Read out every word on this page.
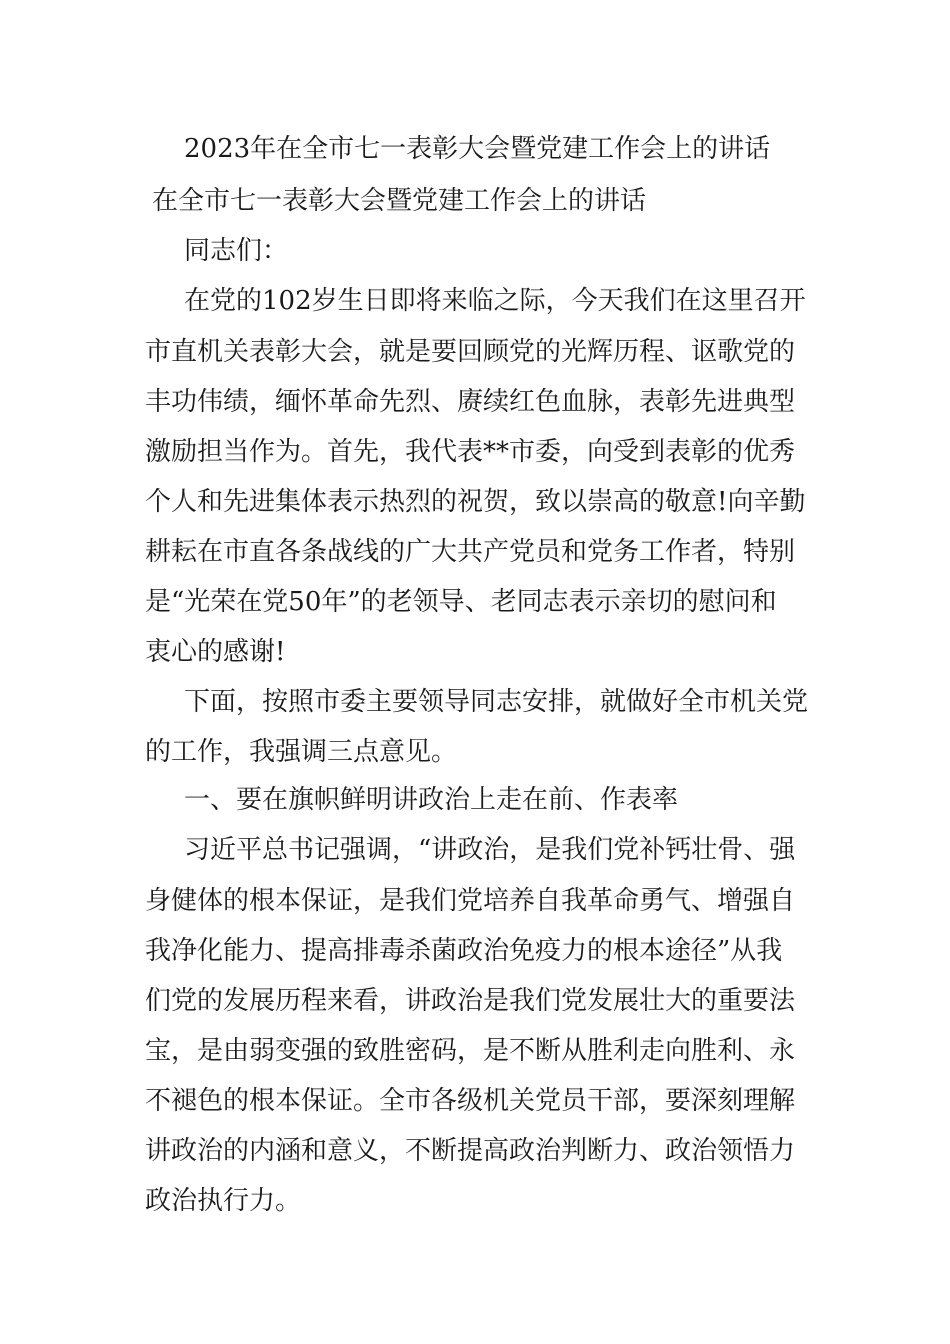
2023年在全市七一表彰大会暨党建工作会上的讲话
在全市七一表彰大会暨党建工作会上的讲话
同志们：
在党的102岁生日即将来临之际，今天我们在这里召开
市直机关表彰大会，就是要回顾党的光辉历程、讴歌党的
丰功伟绩，缅怀革命先烈、赓续红色血脉，表彰先进典型
激励担当作为。首先，我代表**市委，向受到表彰的优秀
个人和先进集体表示热烈的祝贺，致以崇高的敬意!向辛勤
耕耘在市直各条战线的广大共产党员和党务工作者，特别
是“光荣在党50年”的老领导、老同志表示亲切的慰问和
衷心的感谢!
下面，按照市委主要领导同志安排，就做好全市机关党
的工作，我强调三点意见。
一、要在旗帜鲜明讲政治上走在前、作表率
习近平总书记强调，“讲政治，是我们党补钙壮骨、强
身健体的根本保证，是我们党培养自我革命勇气、增强自
我净化能力、提高排毒杀菌政治免疫力的根本途径”从我
们党的发展历程来看，讲政治是我们党发展壮大的重要法
宝，是由弱变强的致胜密码，是不断从胜利走向胜利、永
不褪色的根本保证。全市各级机关党员干部，要深刻理解
讲政治的内涵和意义，不断提高政治判断力、政治领悟力
政治执行力。
